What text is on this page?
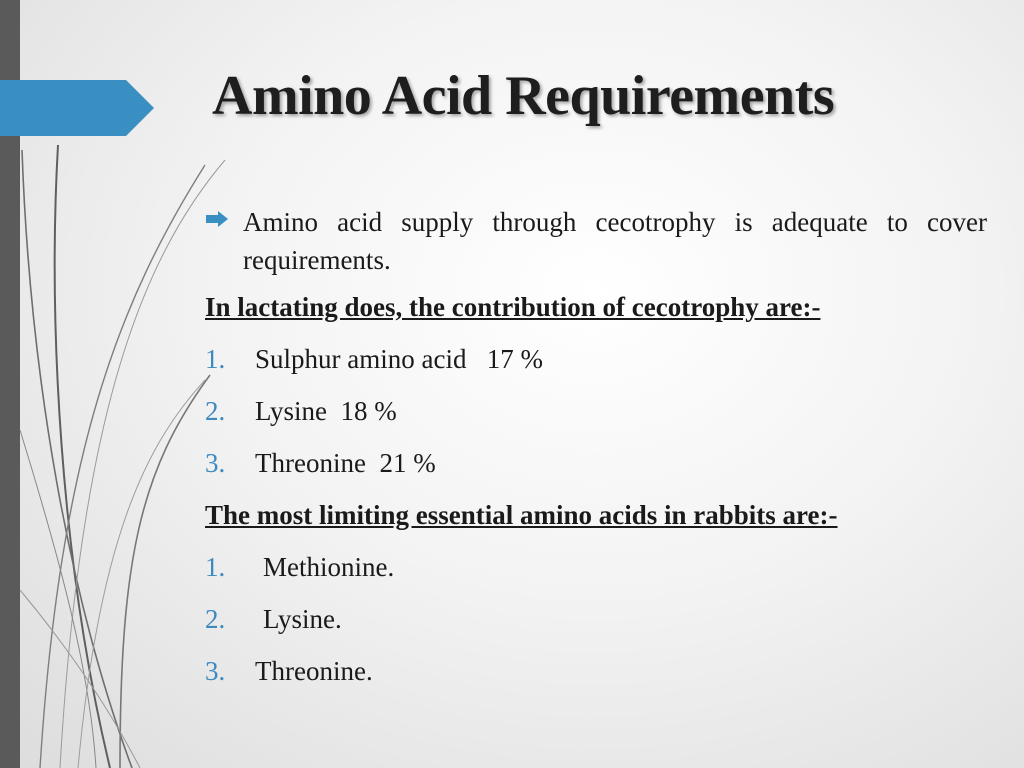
Amino Acid Requirements

Amino acid supply through cecotrophy is adequate to cover requirements.

In lactating does, the contribution of cecotrophy are:-

1. Sulphur amino acid 17 %
2. Lysine 18 %
3. Threonine 21 %

The most limiting essential amino acids in rabbits are:-

1. Methionine.
2. Lysine.
3. Threonine.
